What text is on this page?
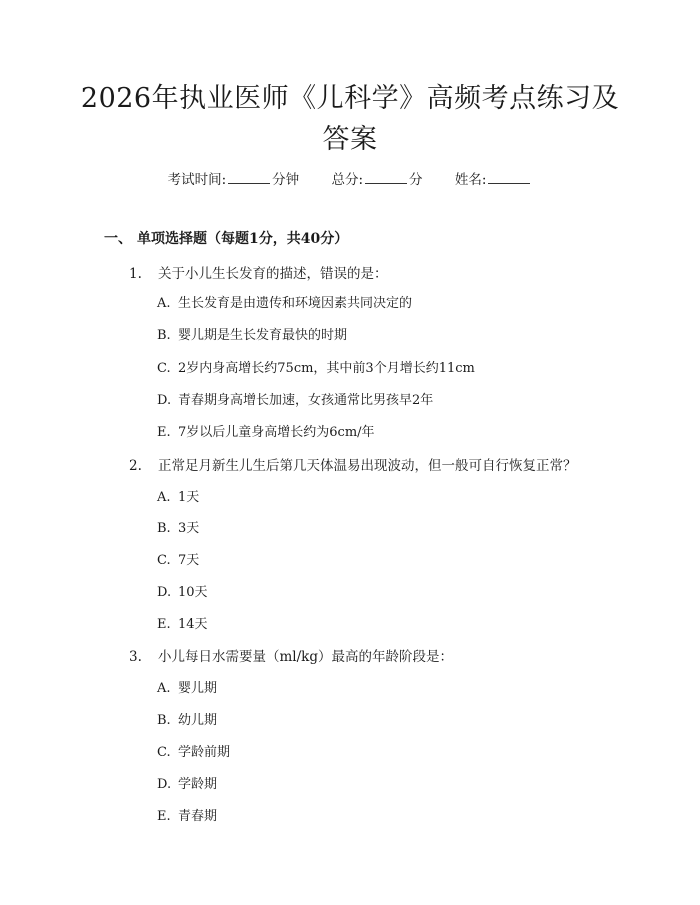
2026年执业医师《儿科学》高频考点练习及答案
考试时间:	分钟 总分:	分 姓名:
一、 单项选择题（每题1分，共40分）
1. 关于小儿生长发育的描述，错误的是：
A. 生长发育是由遗传和环境因素共同决定的
B. 婴儿期是生长发育最快的时期
C. 2岁内身高增长约75cm，其中前3个月增长约11cm
D. 青春期身高增长加速，女孩通常比男孩早2年
E. 7岁以后儿童身高增长约为6cm/年
2. 正常足月新生儿生后第几天体温易出现波动，但一般可自行恢复正常？
A. 1天
B. 3天
C. 7天
D. 10天
E. 14天
3. 小儿每日水需要量（ml/kg）最高的年龄阶段是：
A. 婴儿期
B. 幼儿期
C. 学龄前期
D. 学龄期
E. 青春期
